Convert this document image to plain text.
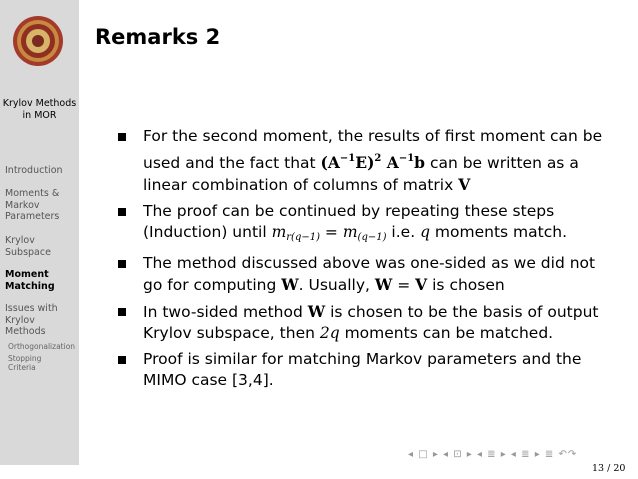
Krylov Methods in MOR
Introduction
Moments & Markov Parameters
Krylov Subspace
Moment Matching
Issues with Krylov Methods
Orthogonalization
Stopping Criteria
Remarks 2
For the second moment, the results of first moment can be used and the fact that $(A^{-1}E)^2$ $A^{-1}b$ can be written as a linear combination of columns of matrix V
The proof can be continued by repeating these steps (Induction) until mr(q−1) = m(q−1) i.e. q moments match.
The method discussed above was one-sided as we did not go for computing W. Usually, W = V is chosen
In two-sided method W is chosen to be the basis of output Krylov subspace, then 2q moments can be matched.
Proof is similar for matching Markov parameters and the MIMO case [3,4].
◂ □ ▸ ◂ ⊡ ▸ ◂ ≣ ▸ ◂ ≣ ▸ ≣ ↶↷
13 / 20
